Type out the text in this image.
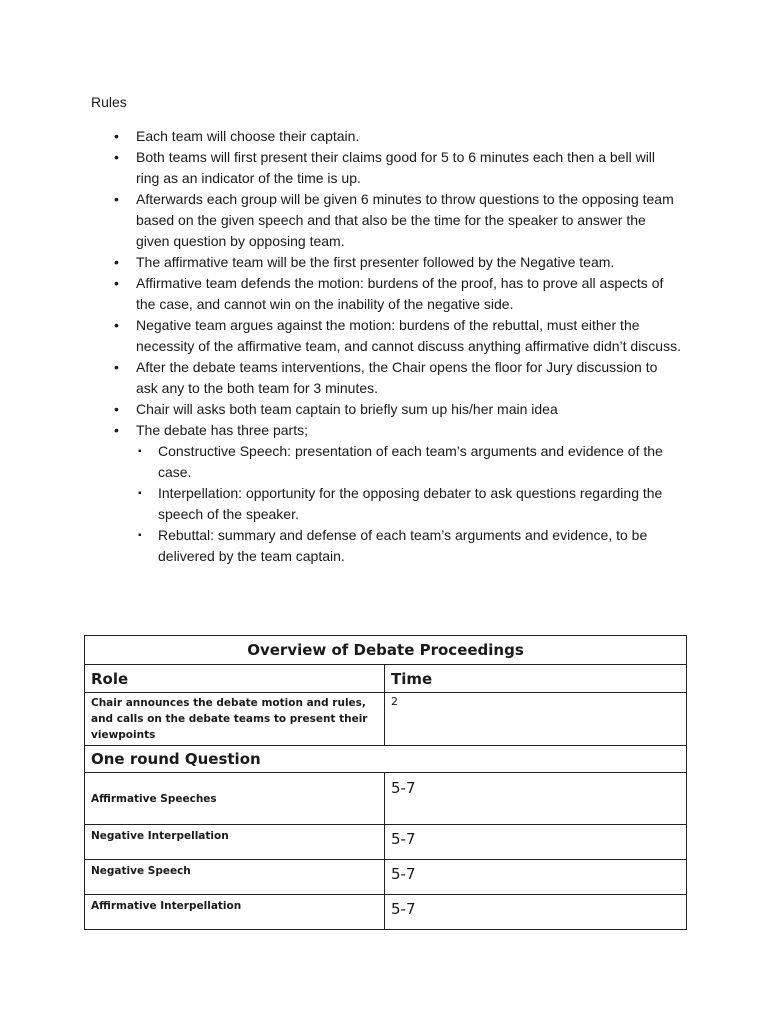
Rules
• Each team will choose their captain.
• Both teams will first present their claims good for 5 to 6 minutes each then a bell will ring as an indicator of the time is up.
• Afterwards each group will be given 6 minutes to throw questions to the opposing team based on the given speech and that also be the time for the speaker to answer the given question by opposing team.
• The affirmative team will be the first presenter followed by the Negative team.
• Affirmative team defends the motion: burdens of the proof, has to prove all aspects of the case, and cannot win on the inability of the negative side.
• Negative team argues against the motion: burdens of the rebuttal, must either the necessity of the affirmative team, and cannot discuss anything affirmative didn’t discuss.
• After the debate teams interventions, the Chair opens the floor for Jury discussion to ask any to the both team for 3 minutes.
• Chair will asks both team captain to briefly sum up his/her main idea
• The debate has three parts;
▪ Constructive Speech: presentation of each team’s arguments and evidence of the case.
▪ Interpellation: opportunity for the opposing debater to ask questions regarding the speech of the speaker.
▪ Rebuttal: summary and defense of each team’s arguments and evidence, to be delivered by the team captain.
Overview of Debate Proceedings	
Role	Time
Chair announces the debate motion and rules, and calls on the debate teams to present their viewpoints	2
One round Question	
Affirmative Speeches	5-7
Negative Interpellation	5-7
Negative Speech	5-7
Affirmative Interpellation	5-7
